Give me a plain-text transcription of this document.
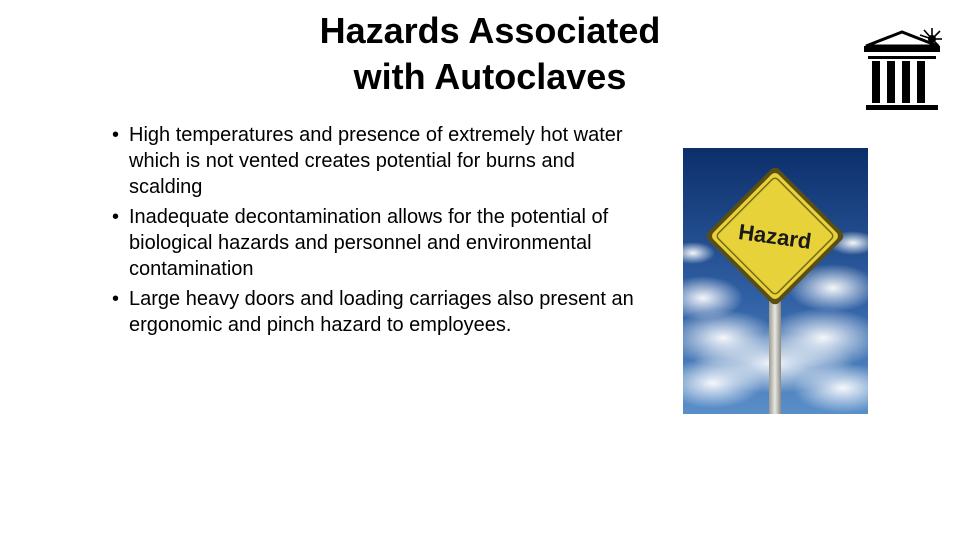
Hazards Associated
with Autoclaves
• High temperatures and presence of extremely hot water which is not vented creates potential for burns and scalding
• Inadequate decontamination allows for the potential of biological hazards and personnel and environmental contamination
• Large heavy doors and loading carriages also present an ergonomic and pinch hazard to employees.
Hazard
